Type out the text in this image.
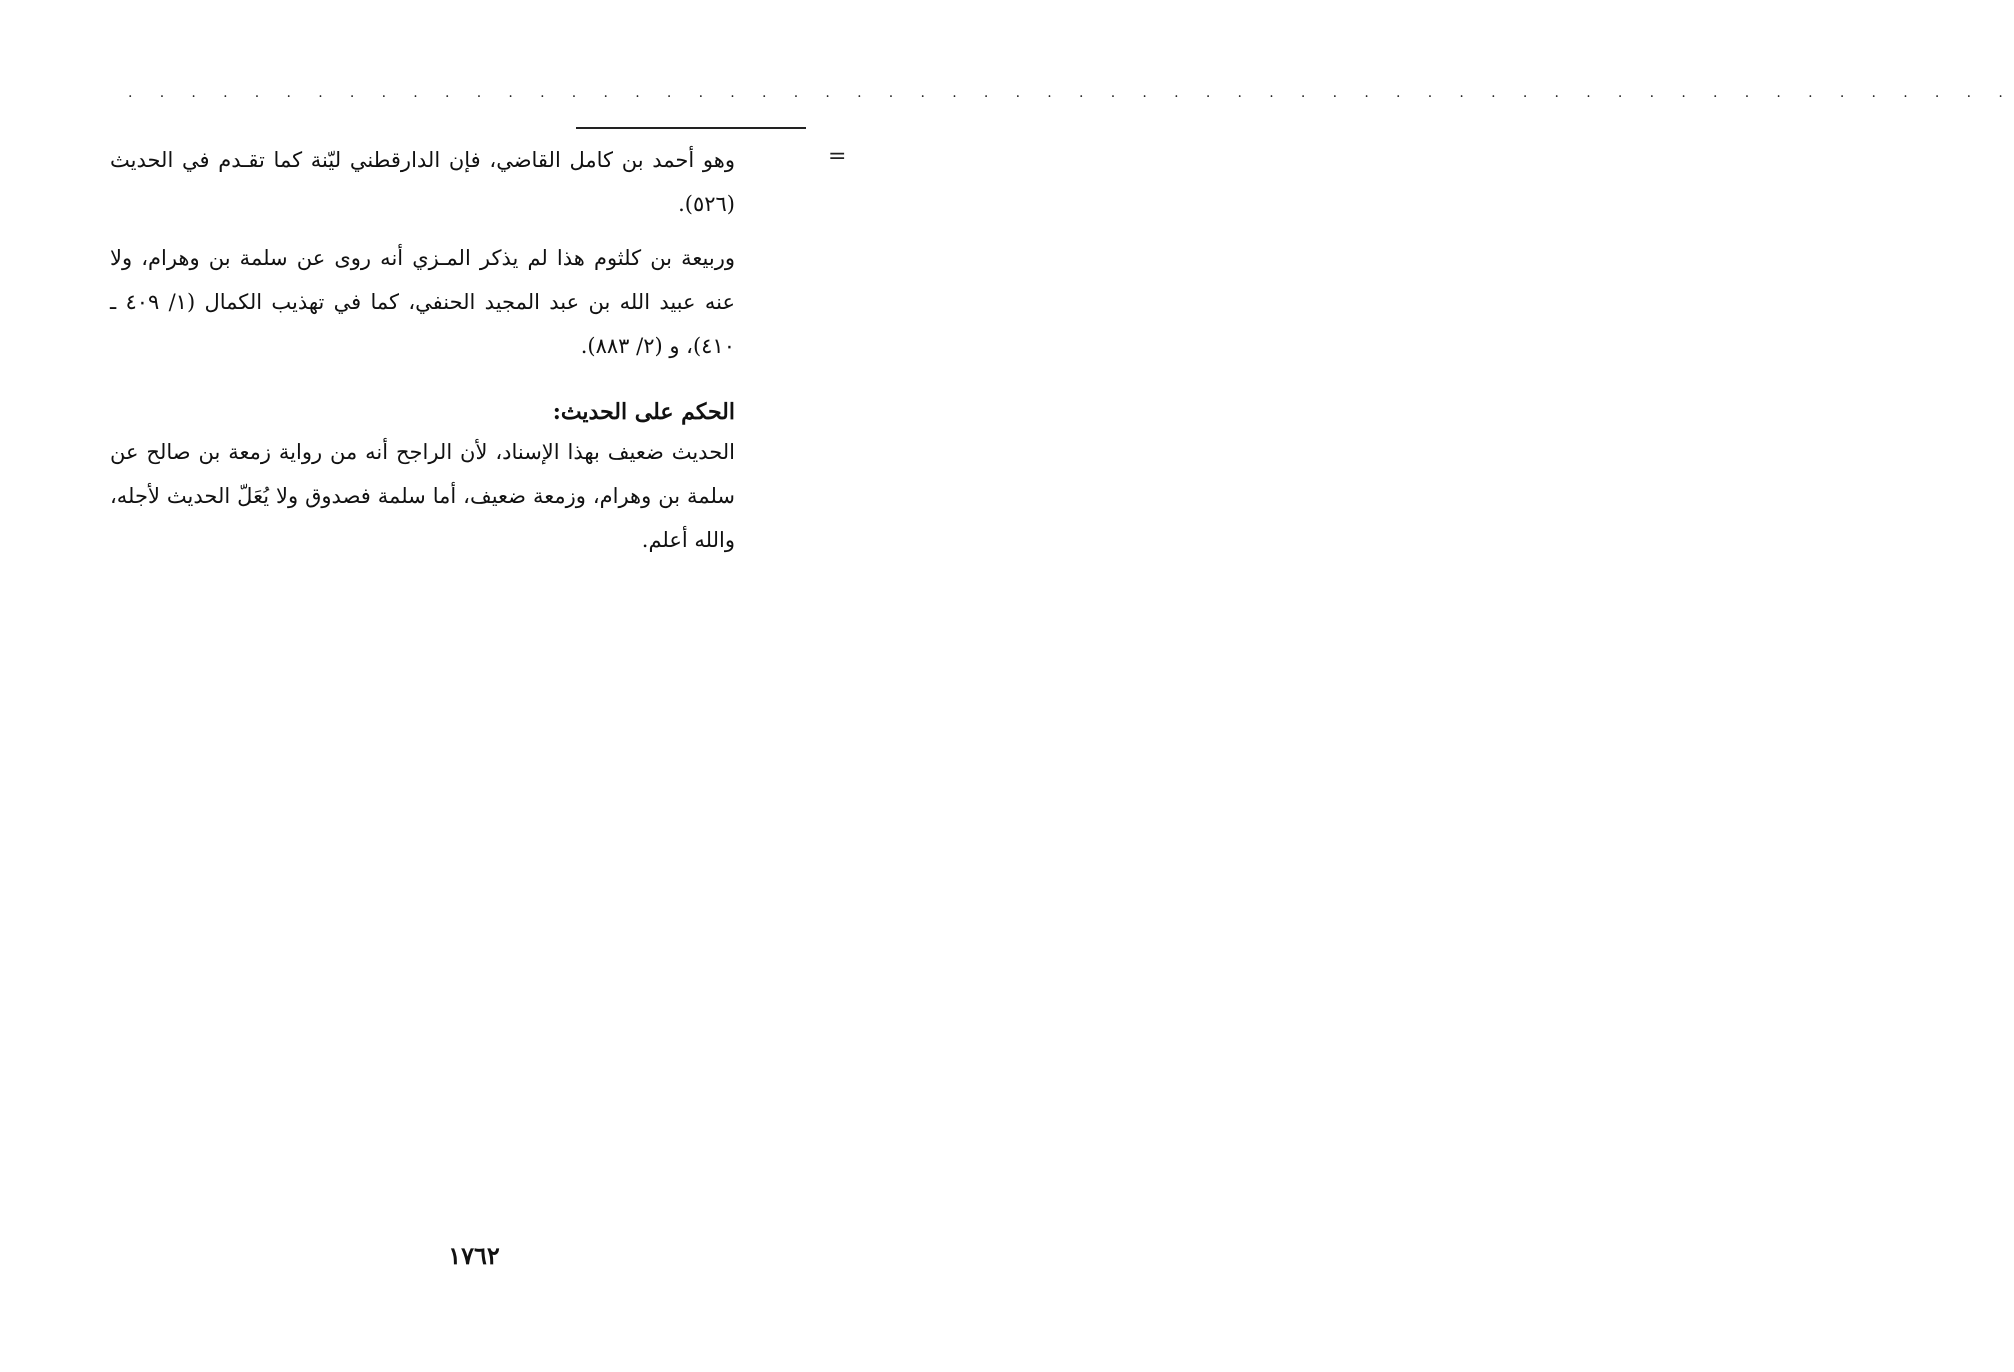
. . . . . . . . . . . . . . . . . . . . . . . . . . . . . . . . . . . . . . . . . . . . . . . . . . . . . . . . . . . .
=

وهو أحمد بن كامل القاضي، فإن الدارقطني ليّنة كما تقـدم في الحديث (٥٢٦).

وربيعة بن كلثوم هذا لم يذكر المـزي أنه روى عن سلمة بن وهرام، ولا عنه عبيد الله بن عبد المجيد الحنفي، كما في تهذيب الكمال (١/ ٤٠٩ ـ ٤١٠)، و (٢/ ٨٨٣).

الحكم على الحديث:

الحديث ضعيف بهذا الإسناد، لأن الراجح أنه من رواية زمعة بن صالح عن سلمة بن وهرام، وزمعة ضعيف، أما سلمة فصدوق ولا يُعَلّ الحديث لأجله، والله أعلم.

١٧٦٢
